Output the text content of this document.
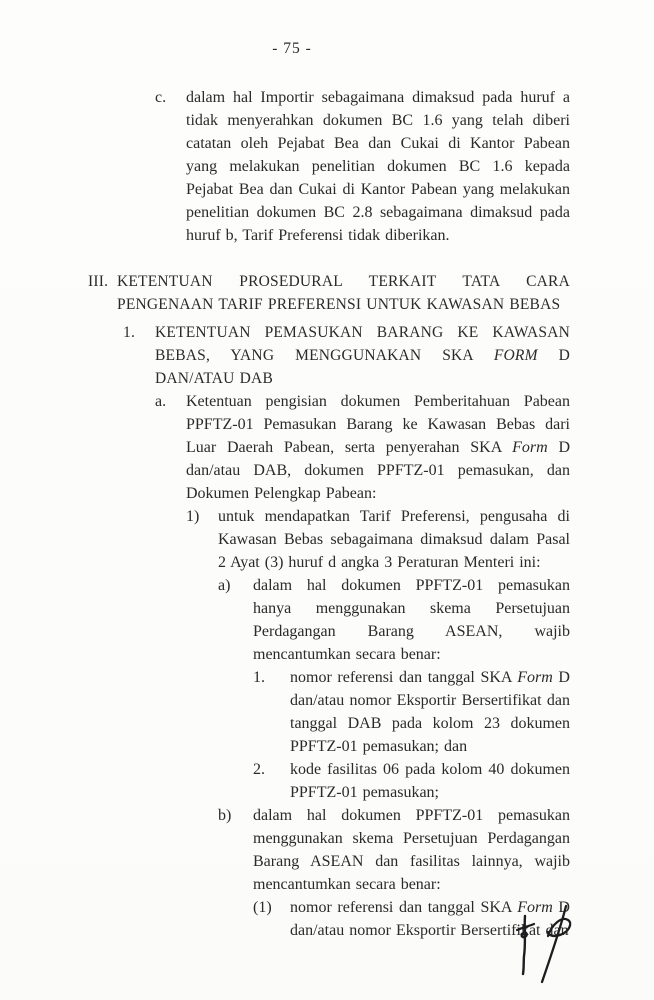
- 75 -
c.	dalam hal Importir sebagaimana dimaksud pada huruf a tidak menyerahkan dokumen BC 1.6 yang telah diberi catatan oleh Pejabat Bea dan Cukai di Kantor Pabean yang melakukan penelitian dokumen BC 1.6 kepada Pejabat Bea dan Cukai di Kantor Pabean yang melakukan penelitian dokumen BC 2.8 sebagaimana dimaksud pada huruf b, Tarif Preferensi tidak diberikan.

III. KETENTUAN PROSEDURAL TERKAIT TATA CARA PENGENAAN TARIF PREFERENSI UNTUK KAWASAN BEBAS

1.	KETENTUAN PEMASUKAN BARANG KE KAWASAN BEBAS, YANG MENGGUNAKAN SKA FORM D DAN/ATAU DAB

a.	Ketentuan pengisian dokumen Pemberitahuan Pabean PPFTZ-01 Pemasukan Barang ke Kawasan Bebas dari Luar Daerah Pabean, serta penyerahan SKA Form D dan/atau DAB, dokumen PPFTZ-01 pemasukan, dan Dokumen Pelengkap Pabean:

1)	untuk mendapatkan Tarif Preferensi, pengusaha di Kawasan Bebas sebagaimana dimaksud dalam Pasal 2 Ayat (3) huruf d angka 3 Peraturan Menteri ini:

a)	dalam hal dokumen PPFTZ-01 pemasukan hanya menggunakan skema Persetujuan Perdagangan Barang ASEAN, wajib mencantumkan secara benar:

1.	nomor referensi dan tanggal SKA Form D dan/atau nomor Eksportir Bersertifikat dan tanggal DAB pada kolom 23 dokumen PPFTZ-01 pemasukan; dan

2.	kode fasilitas 06 pada kolom 40 dokumen PPFTZ-01 pemasukan;

b)	dalam hal dokumen PPFTZ-01 pemasukan menggunakan skema Persetujuan Perdagangan Barang ASEAN dan fasilitas lainnya, wajib mencantumkan secara benar:

(1)	nomor referensi dan tanggal SKA Form D dan/atau nomor Eksportir Bersertifikat dan
